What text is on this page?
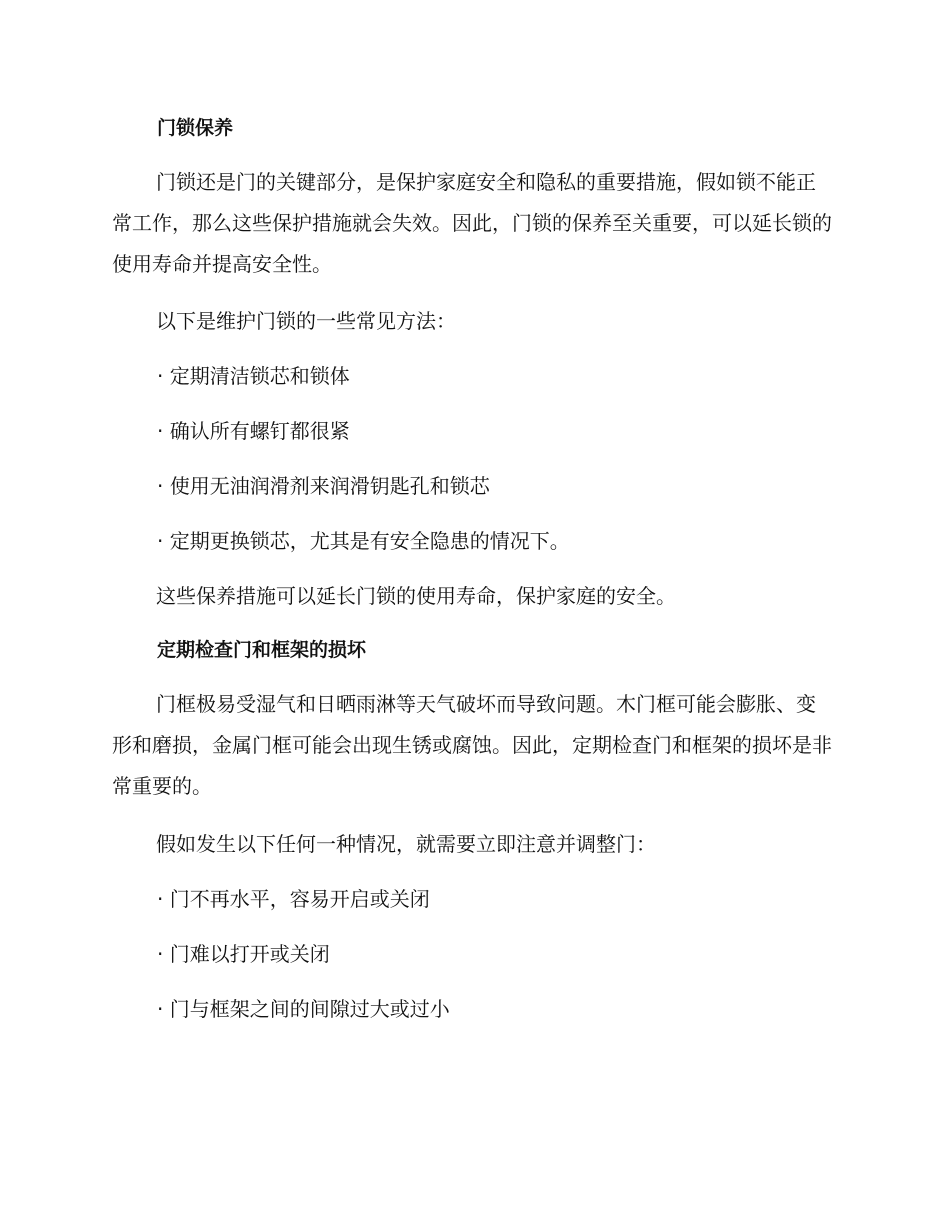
门锁保养

门锁还是门的关键部分，是保护家庭安全和隐私的重要措施，假如锁不能正常工作，那么这些保护措施就会失效。因此，门锁的保养至关重要，可以延长锁的使用寿命并提高安全性。

以下是维护门锁的一些常见方法：

· 定期清洁锁芯和锁体

· 确认所有螺钉都很紧

· 使用无油润滑剂来润滑钥匙孔和锁芯

· 定期更换锁芯，尤其是有安全隐患的情况下。

这些保养措施可以延长门锁的使用寿命，保护家庭的安全。

定期检查门和框架的损坏

门框极易受湿气和日晒雨淋等天气破坏而导致问题。木门框可能会膨胀、变形和磨损，金属门框可能会出现生锈或腐蚀。因此，定期检查门和框架的损坏是非常重要的。

假如发生以下任何一种情况，就需要立即注意并调整门：

· 门不再水平，容易开启或关闭

· 门难以打开或关闭

· 门与框架之间的间隙过大或过小
